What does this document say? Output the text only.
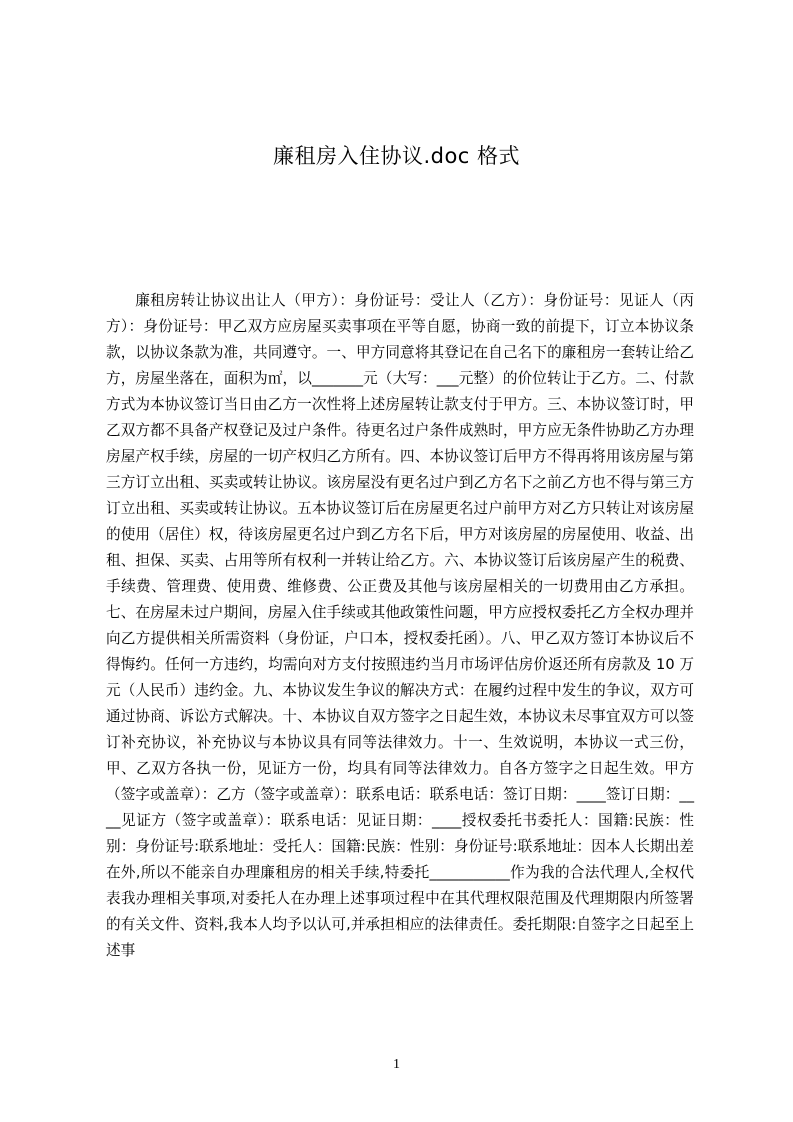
廉租房入住协议.doc 格式
廉租房转让协议出让人（甲方）：身份证号：受让人（乙方）：身份证号：见证人（丙方）：身份证号：甲乙双方应房屋买卖事项在平等自愿，协商一致的前提下，订立本协议条款，以协议条款为准，共同遵守。一、甲方同意将其登记在自己名下的廉租房一套转让给乙方，房屋坐落在，面积为㎡，以_______元（大写：___元整）的价位转让于乙方。二、付款方式为本协议签订当日由乙方一次性将上述房屋转让款支付于甲方。三、本协议签订时，甲乙双方都不具备产权登记及过户条件。待更名过户条件成熟时，甲方应无条件协助乙方办理房屋产权手续，房屋的一切产权归乙方所有。四、本协议签订后甲方不得再将用该房屋与第三方订立出租、买卖或转让协议。该房屋没有更名过户到乙方名下之前乙方也不得与第三方订立出租、买卖或转让协议。五本协议签订后在房屋更名过户前甲方对乙方只转让对该房屋的使用（居住）权，待该房屋更名过户到乙方名下后，甲方对该房屋的房屋使用、收益、出租、担保、买卖、占用等所有权利一并转让给乙方。六、本协议签订后该房屋产生的税费、手续费、管理费、使用费、维修费、公正费及其他与该房屋相关的一切费用由乙方承担。七、在房屋未过户期间，房屋入住手续或其他政策性问题，甲方应授权委托乙方全权办理并向乙方提供相关所需资料（身份证，户口本，授权委托函）。八、甲乙双方签订本协议后不得悔约。任何一方违约，均需向对方支付按照违约当月市场评估房价返还所有房款及 10 万元（人民币）违约金。九、本协议发生争议的解决方式：在履约过程中发生的争议，双方可通过协商、诉讼方式解决。十、本协议自双方签字之日起生效，本协议未尽事宜双方可以签订补充协议，补充协议与本协议具有同等法律效力。十一、生效说明，本协议一式三份，甲、乙双方各执一份，见证方一份，均具有同等法律效力。自各方签字之日起生效。甲方（签字或盖章）：乙方（签字或盖章）：联系电话：联系电话：签订日期：____签订日期：____见证方（签字或盖章）：联系电话：见证日期：____授权委托书委托人：国籍:民族：性别：身份证号:联系地址：受托人：国籍:民族：性别：身份证号:联系地址：因本人长期出差在外,所以不能亲自办理廉租房的相关手续,特委托___________作为我的合法代理人,全权代表我办理相关事项,对委托人在办理上述事项过程中在其代理权限范围及代理期限内所签署的有关文件、资料,我本人均予以认可,并承担相应的法律责任。委托期限:自签字之日起至上述事
1
